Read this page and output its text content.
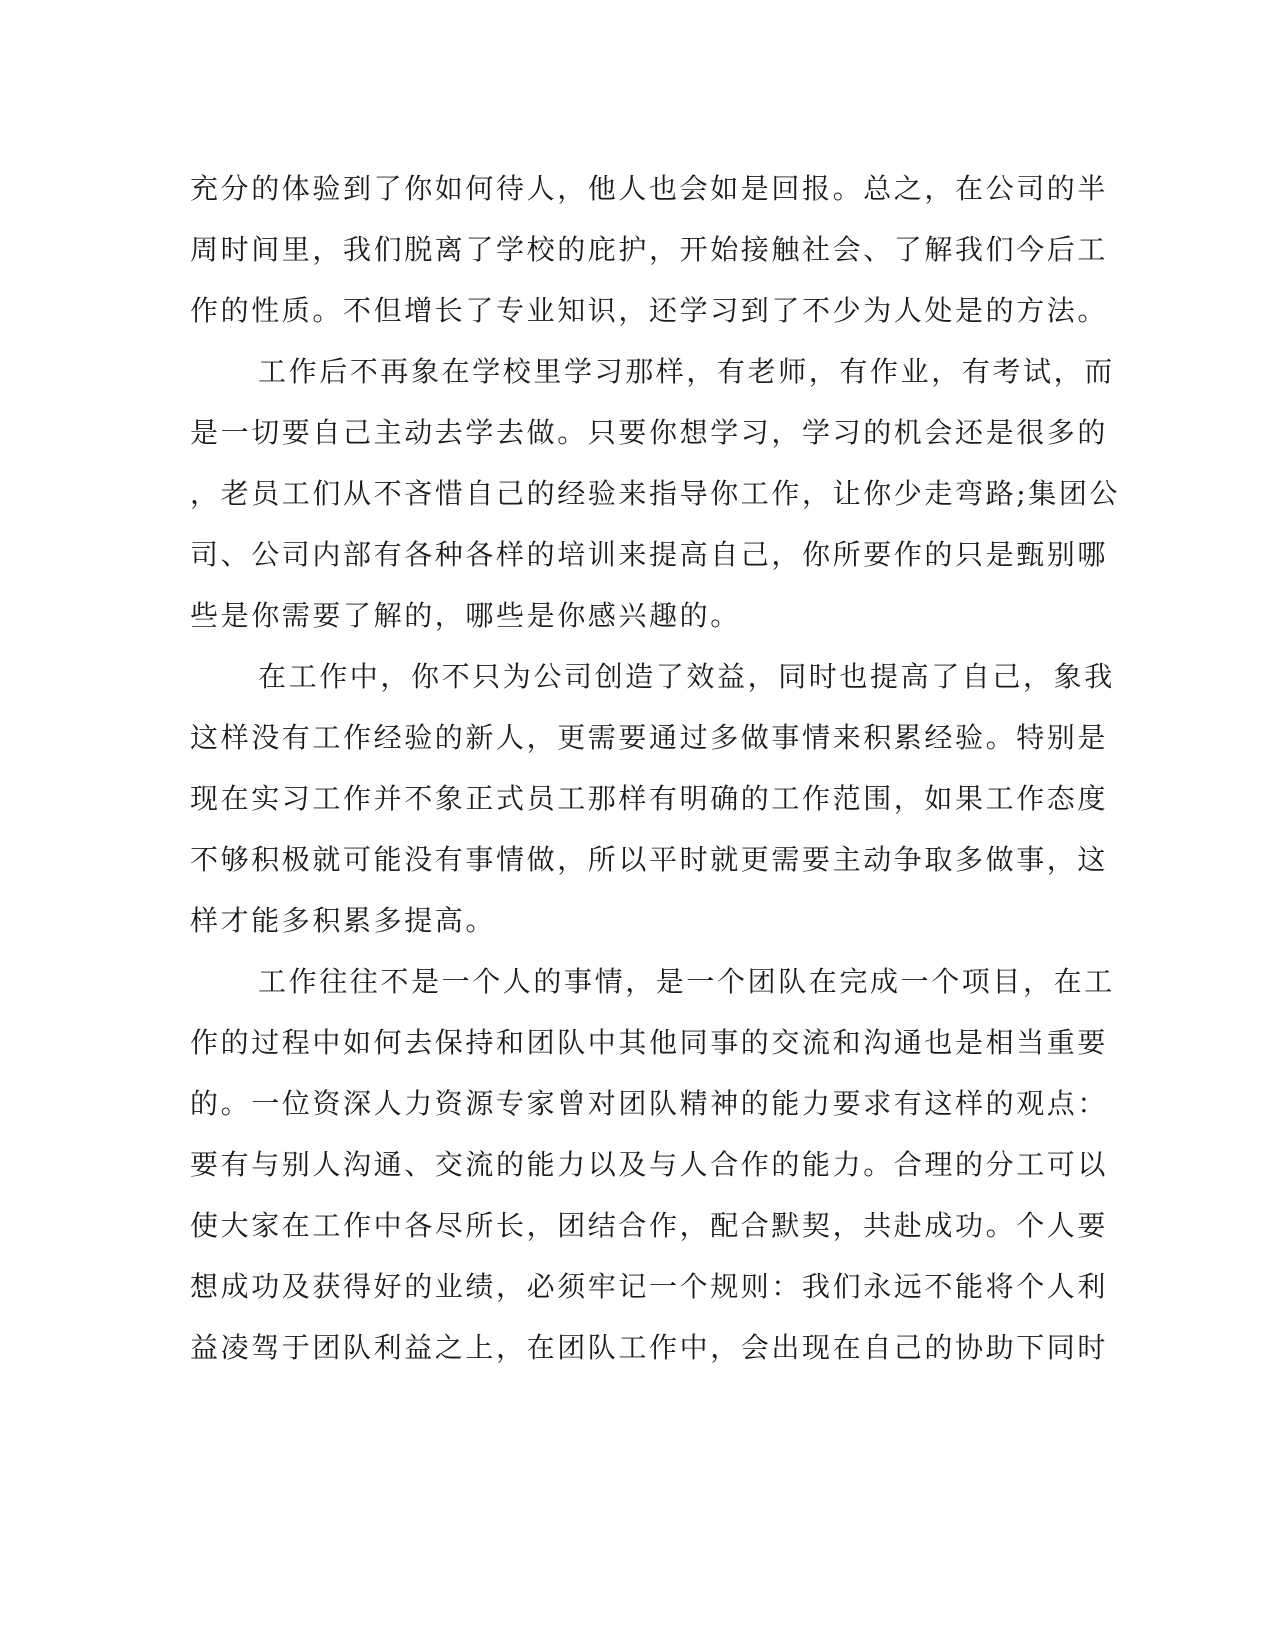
充分的体验到了你如何待人，他人也会如是回报。总之，在公司的半
周时间里，我们脱离了学校的庇护，开始接触社会、了解我们今后工
作的性质。不但增长了专业知识，还学习到了不少为人处是的方法。
工作后不再象在学校里学习那样，有老师，有作业，有考试，而
是一切要自己主动去学去做。只要你想学习，学习的机会还是很多的
，老员工们从不吝惜自己的经验来指导你工作，让你少走弯路;集团公
司、公司内部有各种各样的培训来提高自己，你所要作的只是甄别哪
些是你需要了解的，哪些是你感兴趣的。
在工作中，你不只为公司创造了效益，同时也提高了自己，象我
这样没有工作经验的新人，更需要通过多做事情来积累经验。特别是
现在实习工作并不象正式员工那样有明确的工作范围，如果工作态度
不够积极就可能没有事情做，所以平时就更需要主动争取多做事，这
样才能多积累多提高。
工作往往不是一个人的事情，是一个团队在完成一个项目，在工
作的过程中如何去保持和团队中其他同事的交流和沟通也是相当重要
的。一位资深人力资源专家曾对团队精神的能力要求有这样的观点：
要有与别人沟通、交流的能力以及与人合作的能力。合理的分工可以
使大家在工作中各尽所长，团结合作，配合默契，共赴成功。个人要
想成功及获得好的业绩，必须牢记一个规则：我们永远不能将个人利
益凌驾于团队利益之上，在团队工作中，会出现在自己的协助下同时
